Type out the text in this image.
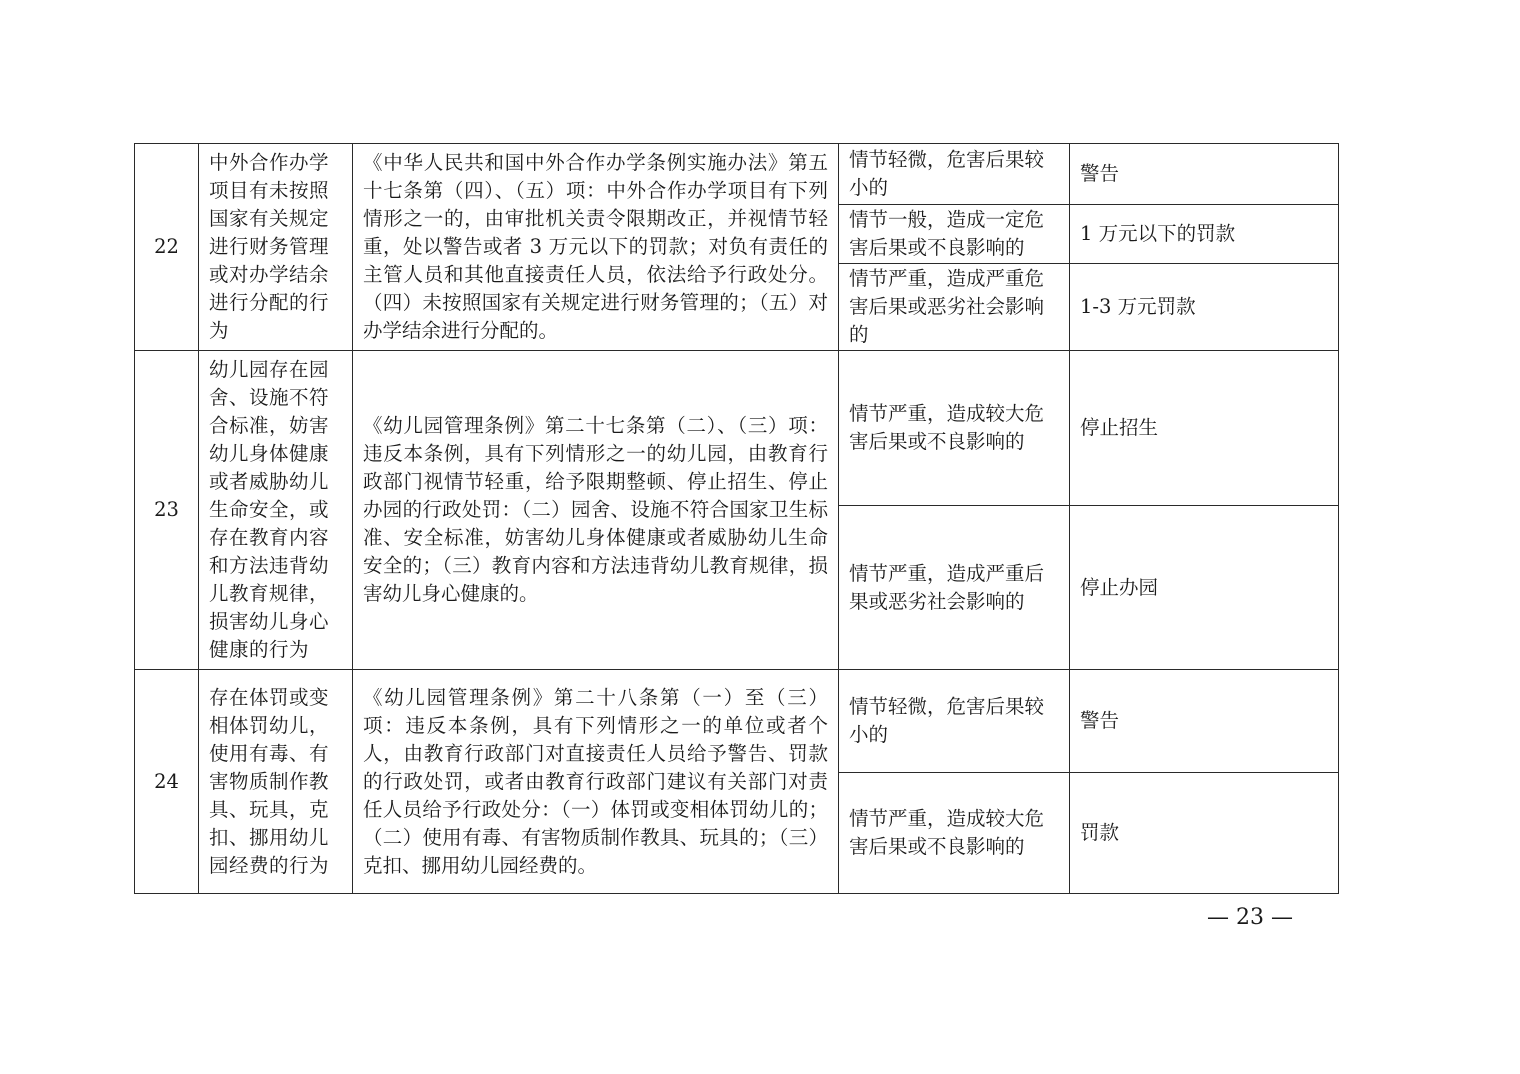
22	中外合作办学项目有未按照国家有关规定进行财务管理或对办学结余进行分配的行为	《中华人民共和国中外合作办学条例实施办法》第五十七条第（四）、（五）项：中外合作办学项目有下列情形之一的，由审批机关责令限期改正，并视情节轻重，处以警告或者 3 万元以下的罚款；对负有责任的主管人员和其他直接责任人员，依法给予行政处分。（四）未按照国家有关规定进行财务管理的；（五）对办学结余进行分配的。	情节轻微，危害后果较小的	警告
			情节一般，造成一定危害后果或不良影响的	1 万元以下的罚款
			情节严重，造成严重危害后果或恶劣社会影响的	1-3 万元罚款
23	幼儿园存在园舍、设施不符合标准，妨害幼儿身体健康或者威胁幼儿生命安全，或存在教育内容和方法违背幼儿教育规律，损害幼儿身心健康的行为	《幼儿园管理条例》第二十七条第（二）、（三）项：违反本条例，具有下列情形之一的幼儿园，由教育行政部门视情节轻重，给予限期整顿、停止招生、停止办园的行政处罚：（二）园舍、设施不符合国家卫生标准、安全标准，妨害幼儿身体健康或者威胁幼儿生命安全的；（三）教育内容和方法违背幼儿教育规律，损害幼儿身心健康的。	情节严重，造成较大危害后果或不良影响的	停止招生
			情节严重，造成严重后果或恶劣社会影响的	停止办园
24	存在体罚或变相体罚幼儿，使用有毒、有害物质制作教具、玩具，克扣、挪用幼儿园经费的行为	《幼儿园管理条例》第二十八条第（一）至（三）项：违反本条例，具有下列情形之一的单位或者个人，由教育行政部门对直接责任人员给予警告、罚款的行政处罚，或者由教育行政部门建议有关部门对责任人员给予行政处分：（一）体罚或变相体罚幼儿的；（二）使用有毒、有害物质制作教具、玩具的；（三）克扣、挪用幼儿园经费的。	情节轻微，危害后果较小的	警告
			情节严重，造成较大危害后果或不良影响的	罚款
— 23 —
